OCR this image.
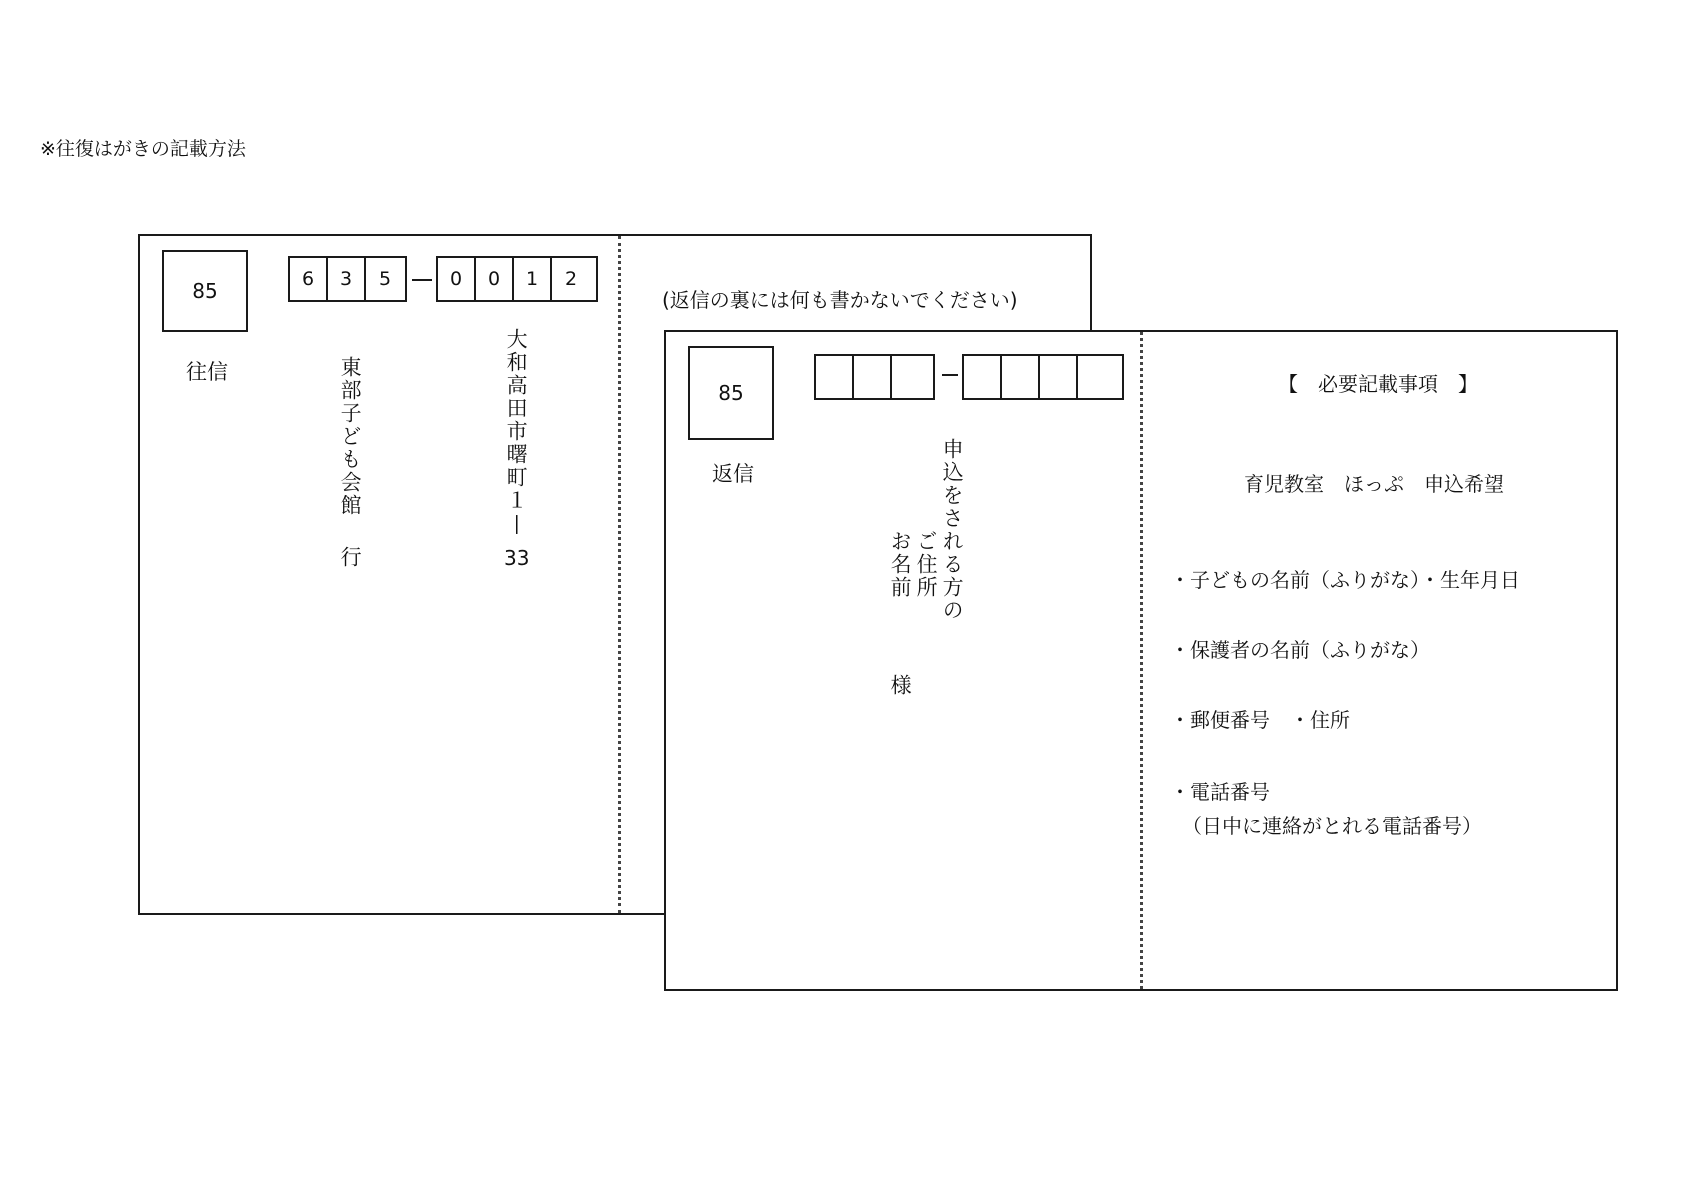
※往復はがきの記載方法
85	6	3	5	0	0	1	2
往信	東部子ども会館
行
大和高田市曙町１
—
33
(返信の裏には何も書かないでください)
85
返信	申込をされる方の
ご住所
お名前
様
【　必要記載事項　】
育児教室　ほっぷ　申込希望
・子どもの名前（ふりがな）・生年月日
・保護者の名前（ふりがな）
・郵便番号　・住所
・電話番号
（日中に連絡がとれる電話番号）
